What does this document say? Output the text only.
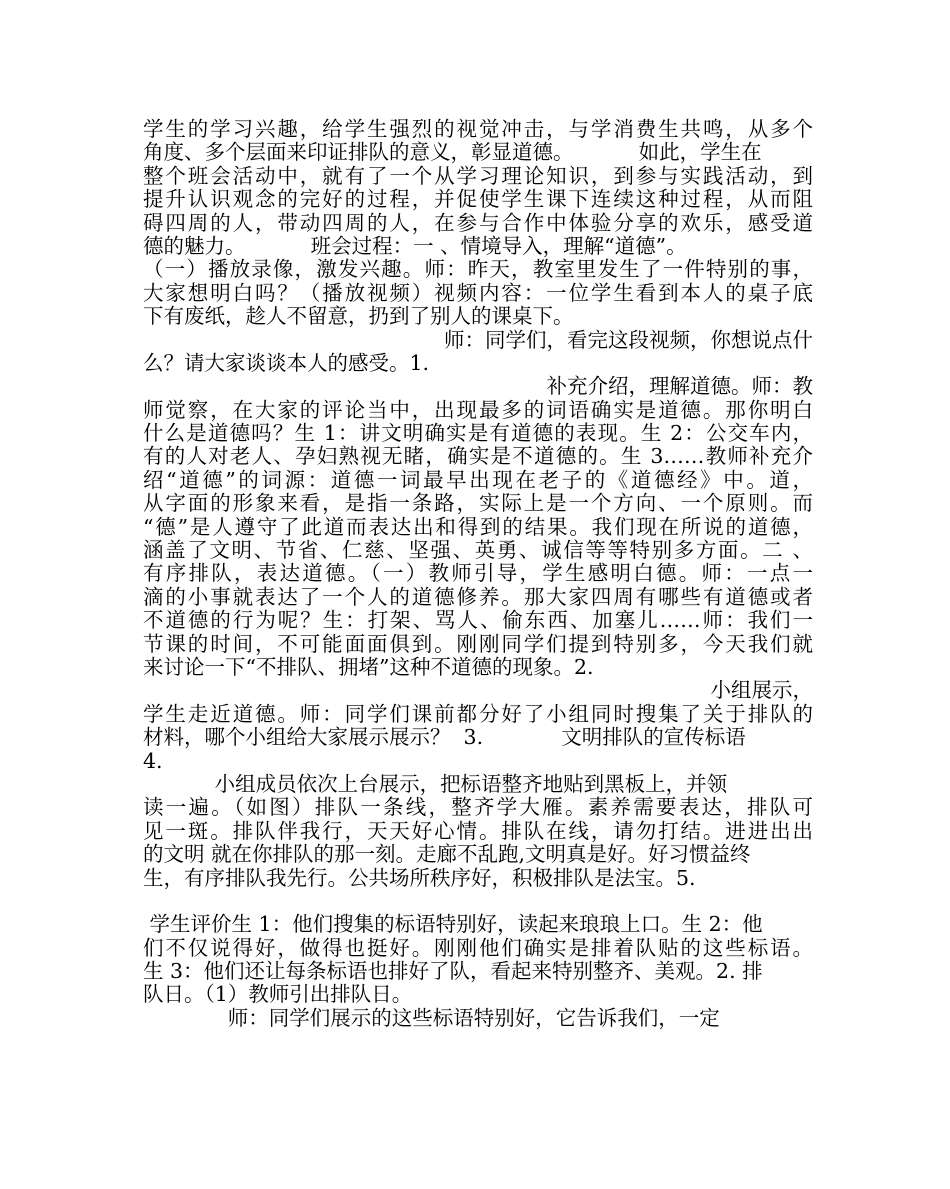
学生的学习兴趣，给学生强烈的视觉冲击，与学消费生共鸣，从多个
角度、多个层面来印证排队的意义，彰显道德。          如此，学生在
整个班会活动中，就有了一个从学习理论知识，到参与实践活动，到
提升认识观念的完好的过程，并促使学生课下连续这种过程，从而阻
碍四周的人，带动四周的人，在参与合作中体验分享的欢乐，感受道
德的魅力。          班会过程：一 、情境导入，理解“道德”。
（一）播放录像，激发兴趣。师：昨天，教室里发生了一件特别的事，
大家想明白吗？（播放视频）视频内容：一位学生看到本人的桌子底
下有废纸，趁人不留意，扔到了别人的课桌下。
师：同学们，看完这段视频，你想说点什
么？请大家谈谈本人的感受。1.
补充介绍，理解道德。师：教
师觉察，在大家的评论当中，出现最多的词语确实是道德。那你明白
什么是道德吗？生 1：讲文明确实是有道德的表现。生 2：公交车内，
有的人对老人、孕妇熟视无睹，确实是不道德的。生 3……教师补充介
绍“道德”的词源：道德一词最早出现在老子的《道德经》中。道，
从字面的形象来看，是指一条路，实际上是一个方向、一个原则。而
“德”是人遵守了此道而表达出和得到的结果。我们现在所说的道德，
涵盖了文明、节省、仁慈、坚强、英勇、诚信等等特别多方面。二 、
有序排队，表达道德。（一）教师引导，学生感明白德。师：一点一
滴的小事就表达了一个人的道德修养。那大家四周有哪些有道德或者
不道德的行为呢？生：打架、骂人、偷东西、加塞儿……师：我们一
节课的时间，不可能面面俱到。刚刚同学们提到特别多，今天我们就
来讨论一下“不排队、拥堵”这种不道德的现象。2.
小组展示，
学生走近道德。师：同学们课前都分好了小组同时搜集了关于排队的
材料，哪个小组给大家展示展示？  3.            文明排队的宣传标语
4.
小组成员依次上台展示，把标语整齐地贴到黑板上，并领
读一遍。（如图）排队一条线，整齐学大雁。素养需要表达，排队可
见一斑。排队伴我行，天天好心情。排队在线，请勿打结。进进出出
的文明 就在你排队的那一刻。走廊不乱跑,文明真是好。好习惯益终
生，有序排队我先行。公共场所秩序好，积极排队是法宝。5.
学生评价生 1：他们搜集的标语特别好，读起来琅琅上口。生 2：他
们不仅说得好，做得也挺好。刚刚他们确实是排着队贴的这些标语。
生 3：他们还让每条标语也排好了队，看起来特别整齐、美观。2. 排
队日。（1）教师引出排队日。
师：同学们展示的这些标语特别好，它告诉我们，一定
